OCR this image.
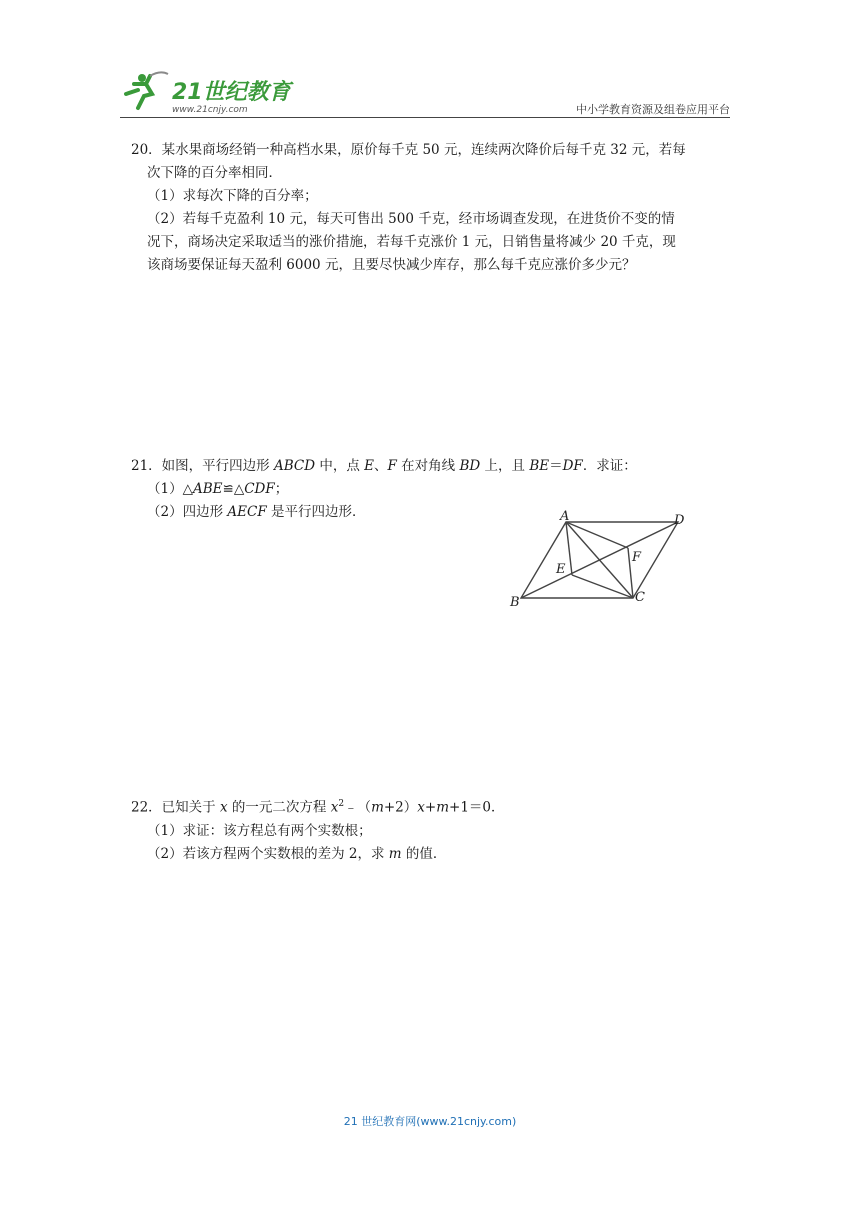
21世纪教育
www.21cnjy.com	中小学教育资源及组卷应用平台

20．某水果商场经销一种高档水果，原价每千克 50 元，连续两次降价后每千克 32 元，若每

次下降的百分率相同．

（1）求每次下降的百分率；

（2）若每千克盈利 10 元，每天可售出 500 千克，经市场调查发现，在进货价不变的情

况下，商场决定采取适当的涨价措施，若每千克涨价 1 元，日销售量将减少 20 千克，现

该商场要保证每天盈利 6000 元，且要尽快减少库存，那么每千克应涨价多少元？

21．如图，平行四边形 ABCD 中，点 E、F 在对角线 BD 上，且 BE＝DF．求证：

（1）△ABE≌△CDF；

（2）四边形 AECF 是平行四边形．	A	D
B	C
E
F

22．已知关于 x 的一元二次方程 $x^2﹣(m+2)x+m+1=0$．

（1）求证：该方程总有两个实数根；

（2）若该方程两个实数根的差为 2，求 m 的值．

21 世纪教育网(www.21cnjy.com)
